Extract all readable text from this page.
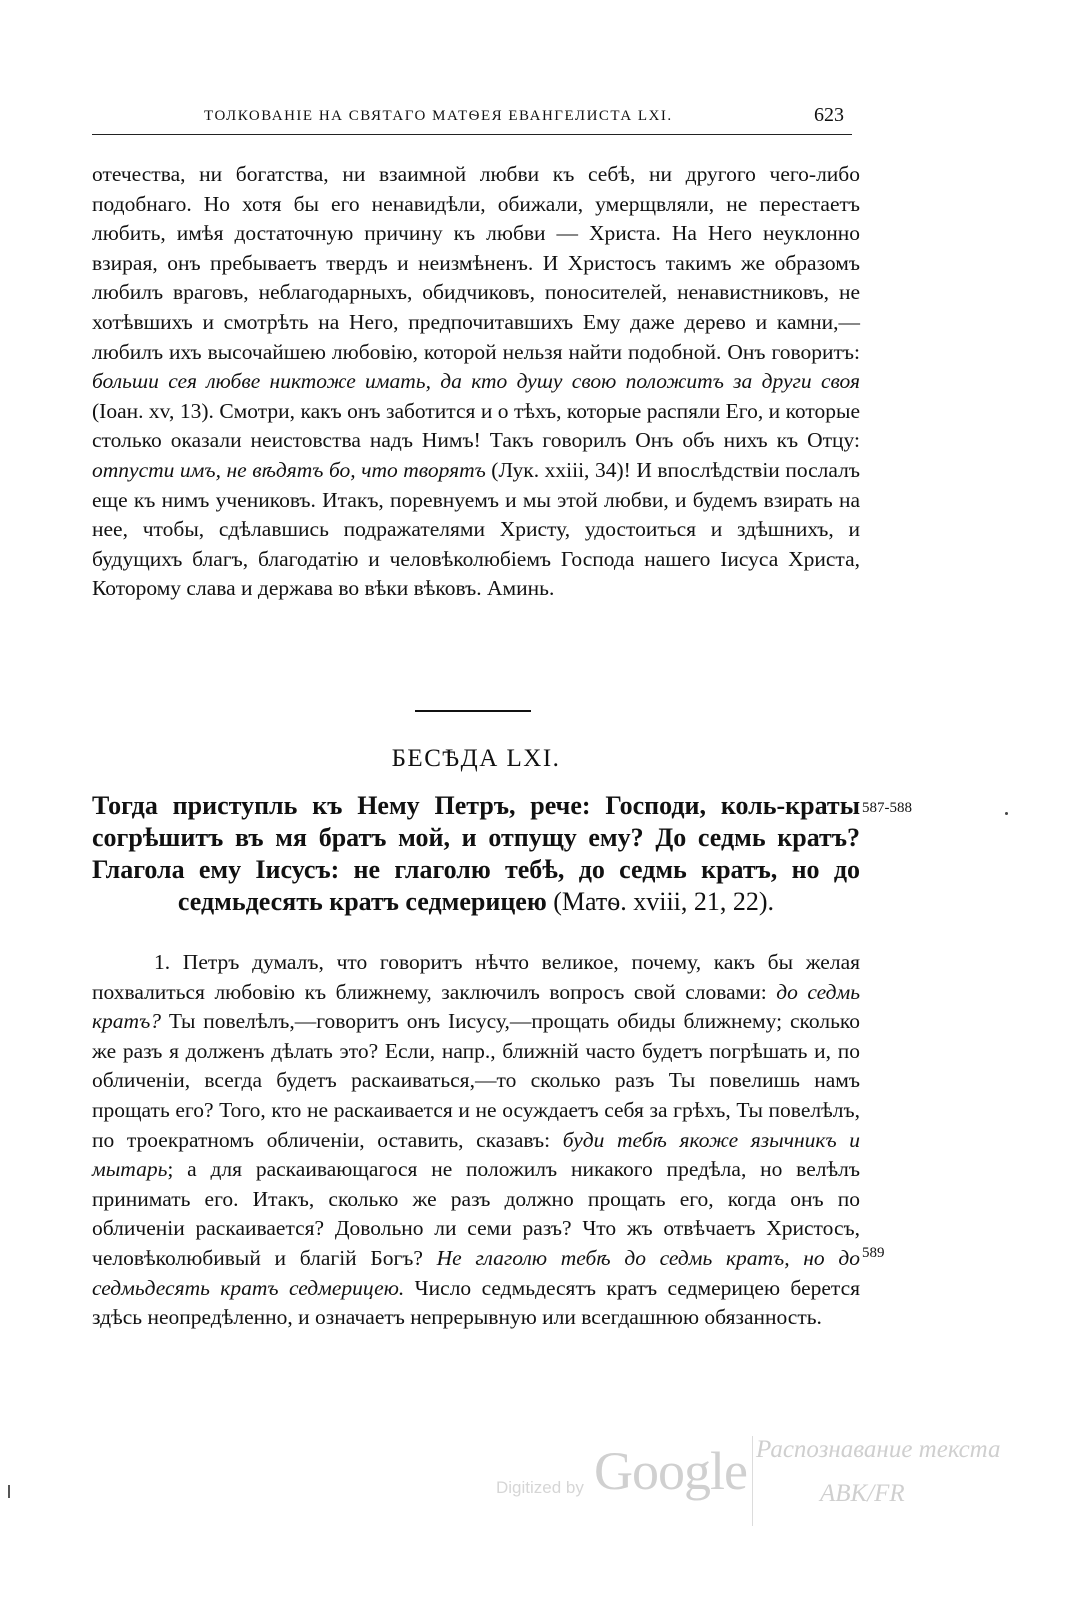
ТОЛКОВАНІЕ НА СВЯТАГО МАТѲЕЯ ЕВАНГЕЛИСТА LXI.	623

отечества, ни богатства, ни взаимной любви къ себѣ, ни другого чего-либо подобнаго. Но хотя бы его ненавидѣли, обижали, умерщвляли, не перестаетъ любить, имѣя достаточную причину къ любви — Христа. На Него неуклонно взирая, онъ пребываетъ твердъ и неизмѣненъ. И Христосъ такимъ же образомъ любилъ враговъ, неблагодарныхъ, обидчиковъ, поносителей, ненавистниковъ, не хотѣвшихъ и смотрѣть на Него, предпочитавшихъ Ему даже дерево и камни,—любилъ ихъ высочайшею любовію, которой нельзя найти подобной. Онъ говоритъ: больши сея любве никтоже имать, да кто душу свою положитъ за други своя (Іоан. xv, 13). Смотри, какъ онъ заботится и о тѣхъ, которые распяли Его, и которые столько оказали неистовства надъ Нимъ! Такъ говорилъ Онъ объ нихъ къ Отцу: отпусти имъ, не вѣдятъ бо, что творятъ (Лук. xxiii, 34)! И впослѣдствіи послалъ еще къ нимъ учениковъ. Итакъ, поревнуемъ и мы этой любви, и будемъ взирать на нее, чтобы, сдѣлавшись подражателями Христу, удостоиться и здѣшнихъ, и будущихъ благъ, благодатію и человѣколюбіемъ Господа нашего Іисуса Христа, Которому слава и держава во вѣки вѣковъ. Аминь.

БЕСѢДА LXI.
Тогда приступль къ Нему Петръ, рече: Господи, коль-краты согрѣшитъ въ мя братъ мой, и отпущу ему? До седмь кратъ? Глагола ему Іисусъ: не глаголю тебѣ, до седмь кратъ, но до седмьдесять кратъ седмерицею (Матѳ. xviii, 21, 22).
587-588

1. Петръ думалъ, что говоритъ нѣчто великое, почему, какъ бы желая похвалиться любовію къ ближнему, заключилъ вопросъ свой словами: до седмь кратъ? Ты повелѣлъ,—говоритъ онъ Іисусу,—прощать обиды ближнему; сколько же разъ я долженъ дѣлать это? Если, напр., ближній часто будетъ погрѣшать и, по обличеніи, всегда будетъ раскаиваться,—то сколько разъ Ты повелишь намъ прощать его? Того, кто не раскаивается и не осуждаетъ себя за грѣхъ, Ты повелѣлъ, по троекратномъ обличеніи, оставить, сказавъ: буди тебѣ якоже язычникъ и мытарь; а для раскаивающагося не положилъ никакого предѣла, но велѣлъ принимать его. Итакъ, сколько же разъ должно прощать его, когда онъ по обличеніи раскаивается? Довольно ли семи разъ? Что жъ отвѣчаетъ Христосъ, человѣколюбивый и благій Богъ? Не глаголю тебѣ до седмь кратъ, но до седмьдесять кратъ седмерицею. Число седмьдесятъ кратъ седмерицею берется здѣсь неопредѣленно, и означаетъ непрерывную или всегдашнюю обязанность.

589
Digitized by Google Распознавание текста
ABK/FR
